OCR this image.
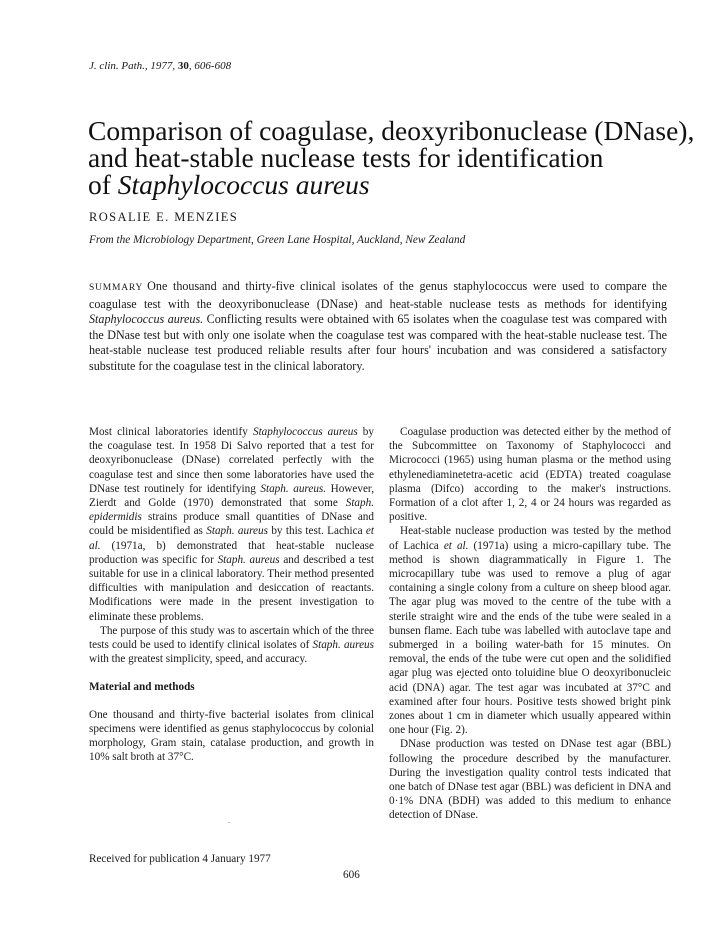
J. clin. Path., 1977, 30, 606-608
Comparison of coagulase, deoxyribonuclease (DNase),
and heat-stable nuclease tests for identification
of Staphylococcus aureus
ROSALIE E. MENZIES
From the Microbiology Department, Green Lane Hospital, Auckland, New Zealand
SUMMARY One thousand and thirty-five clinical isolates of the genus staphylococcus were used to compare the coagulase test with the deoxyribonuclease (DNase) and heat-stable nuclease tests as methods for identifying Staphylococcus aureus. Conflicting results were obtained with 65 isolates when the coagulase test was compared with the DNase test but with only one isolate when the coagulase test was compared with the heat-stable nuclease test. The heat-stable nuclease test produced reliable results after four hours' incubation and was considered a satisfactory substitute for the coagulase test in the clinical laboratory.

Most clinical laboratories identify Staphylococcus aureus by the coagulase test. In 1958 Di Salvo reported that a test for deoxyribonuclease (DNase) correlated perfectly with the coagulase test and since then some laboratories have used the DNase test routinely for identifying Staph. aureus. However, Zierdt and Golde (1970) demonstrated that some Staph. epidermidis strains produce small quantities of DNase and could be misidentified as Staph. aureus by this test. Lachica et al. (1971a, b) demonstrated that heat-stable nuclease production was specific for Staph. aureus and described a test suitable for use in a clinical laboratory. Their method presented difficulties with manipulation and desiccation of reactants. Modifications were made in the present investigation to eliminate these problems.

The purpose of this study was to ascertain which of the three tests could be used to identify clinical isolates of Staph. aureus with the greatest simplicity, speed, and accuracy.

Material and methods

One thousand and thirty-five bacterial isolates from clinical specimens were identified as genus staphylococcus by colonial morphology, Gram stain, catalase production, and growth in 10% salt broth at 37°C.

Received for publication 4 January 1977

Coagulase production was detected either by the method of the Subcommittee on Taxonomy of Staphylococci and Micrococci (1965) using human plasma or the method using ethylenediaminetetra-acetic acid (EDTA) treated coagulase plasma (Difco) according to the maker's instructions. Formation of a clot after 1, 2, 4 or 24 hours was regarded as positive.

Heat-stable nuclease production was tested by the method of Lachica et al. (1971a) using a micro-capillary tube. The method is shown diagrammatically in Figure 1. The microcapillary tube was used to remove a plug of agar containing a single colony from a culture on sheep blood agar. The agar plug was moved to the centre of the tube with a sterile straight wire and the ends of the tube were sealed in a bunsen flame. Each tube was labelled with autoclave tape and submerged in a boiling water-bath for 15 minutes. On removal, the ends of the tube were cut open and the solidified agar plug was ejected onto toluidine blue O deoxyribonucleic acid (DNA) agar. The test agar was incubated at 37°C and examined after four hours. Positive tests showed bright pink zones about 1 cm in diameter which usually appeared within one hour (Fig. 2).

DNase production was tested on DNase test agar (BBL) following the procedure described by the manufacturer. During the investigation quality control tests indicated that one batch of DNase test agar (BBL) was deficient in DNA and 0·1% DNA (BDH) was added to this medium to enhance detection of DNase.

606
